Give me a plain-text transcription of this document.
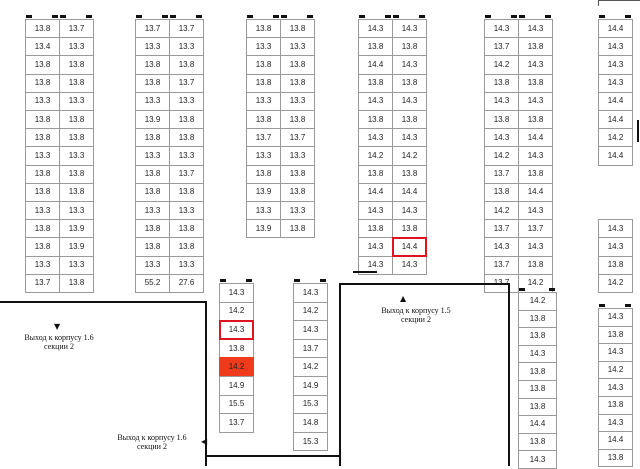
13.8	13.7
13.4	13.3
13.8	13.8
13.8	13.8
13.3	13.3
13.8	13.8
13.8	13.8
13.3	13.3
13.8	13.8
13.8	13.8
13.3	13.3
13.8	13.9
13.8	13.9
13.3	13.3
13.7	13.8
13.7	13.7
13.3	13.3
13.8	13.8
13.8	13.7
13.3	13.3
13.9	13.8
13.8	13.8
13.3	13.3
13.8	13.7
13.8	13.8
13.3	13.3
13.8	13.8
13.8	13.8
13.3	13.3
55.2	27.6
13.8	13.8
13.3	13.3
13.8	13.8
13.8	13.8
13.3	13.3
13.8	13.8
13.7	13.7
13.3	13.3
13.8	13.8
13.9	13.8
13.3	13.3
13.9	13.8
14.3	14.3
13.8	13.8
14.4	14.3
13.8	13.8
14.3	14.3
13.8	13.8
14.3	14.3
14.2	14.2
13.8	13.8
14.4	14.4
14.3	14.3
13.8	13.8
14.3	14.4
14.3	14.3
14.3	14.3
13.7	13.8
14.2	14.3
13.8	13.8
14.3	14.3
13.8	13.8
14.3	14.4
14.2	14.3
13.7	13.8
13.8	14.4
14.2	14.3
13.7	13.7
14.3	14.3
13.7	13.8
14.2
14.4
14.3
14.3
14.3
14.4
14.4
14.2
14.4
14.3
14.3
13.8
14.2
14.3
14.2
14.3
13.8
14.2
14.9
15.5
13.7
14.3
14.2
14.3
13.7
14.2
14.9
15.3
14.8
15.3
14.2
13.8
13.8
14.3
13.8
13.8
13.8
14.4
13.8
14.3
14.3
13.8
14.3
14.2
14.3
13.8
14.3
14.4
13.8
▼
Выход к корпусу 1.6
секции 2
▲
Выход к корпусу 1.5
секции 2
Выход к корпусу 1.6
секции 2
◀
